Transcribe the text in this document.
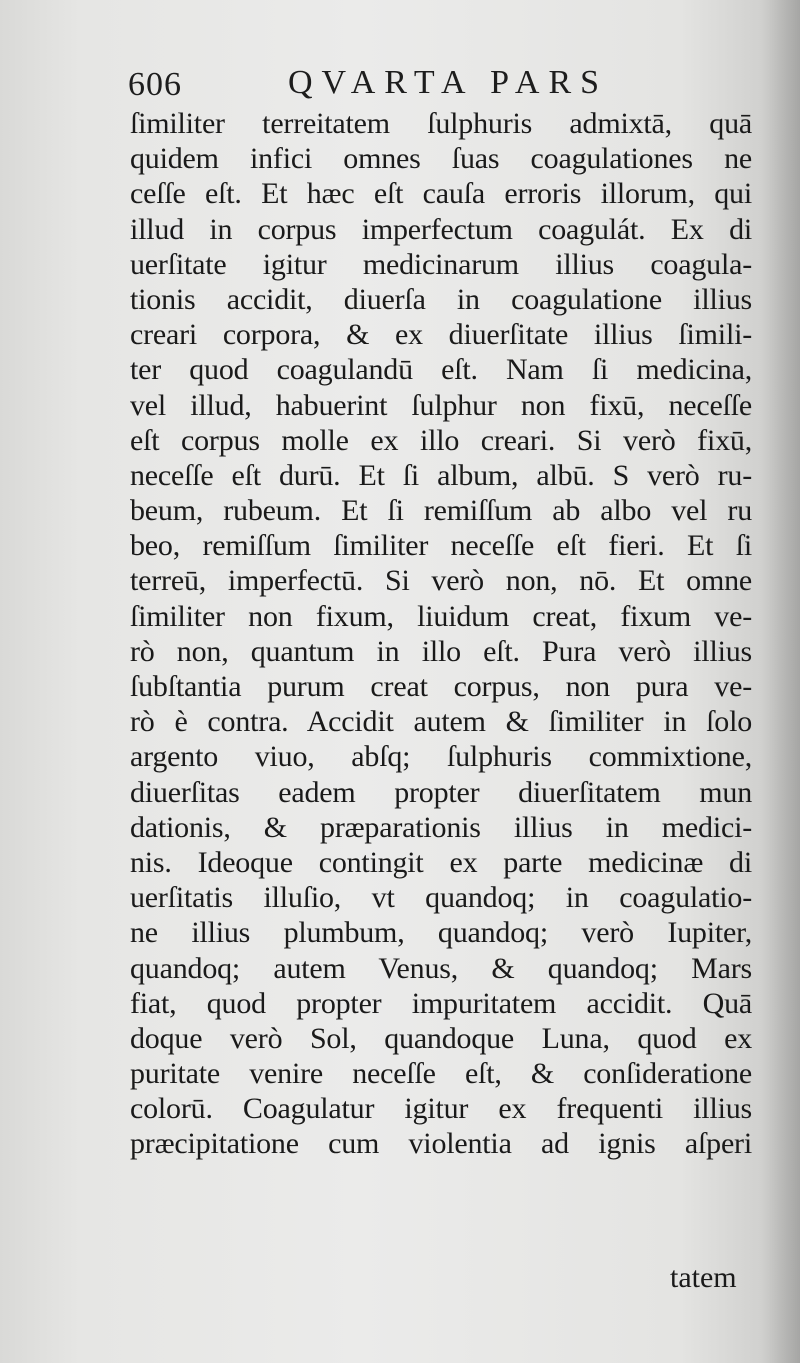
606	QVARTA PARS
ſimiliter terreitatem ſulphuris admixtā, quā
quidem infici omnes ſuas coagulationes ne
ceſſe eſt. Et hæc eſt cauſa erroris illorum, qui
illud in corpus imperfectum coagulát. Ex di
uerſitate igitur medicinarum illius coagula-
tionis accidit, diuerſa in coagulatione illius
creari corpora, & ex diuerſitate illius ſimili-
ter quod coagulandū eſt. Nam ſi medicina,
vel illud, habuerint ſulphur non fixū, neceſſe
eſt corpus molle ex illo creari. Si verò fixū,
neceſſe eſt durū. Et ſi album, albū. S verò ru-
beum, rubeum. Et ſi remiſſum ab albo vel ru
beo, remiſſum ſimiliter neceſſe eſt fieri. Et ſi
terreū, imperfectū. Si verò non, nō. Et omne
ſimiliter non fixum, liuidum creat, fixum ve-
rò non, quantum in illo eſt. Pura verò illius
ſubſtantia purum creat corpus, non pura ve-
rò è contra. Accidit autem & ſimiliter in ſolo
argento viuo, abſq; ſulphuris commixtione,
diuerſitas eadem propter diuerſitatem mun
dationis, & præparationis illius in medici-
nis. Ideoque contingit ex parte medicinæ di
uerſitatis illuſio, vt quandoq; in coagulatio-
ne illius plumbum, quandoq; verò Iupiter,
quandoq; autem Venus, & quandoq; Mars
fiat, quod propter impuritatem accidit. Quā
doque verò Sol, quandoque Luna, quod ex
puritate venire neceſſe eſt, & conſideratione
colorū. Coagulatur igitur ex frequenti illius
præcipitatione cum violentia ad ignis aſperi
tatem
